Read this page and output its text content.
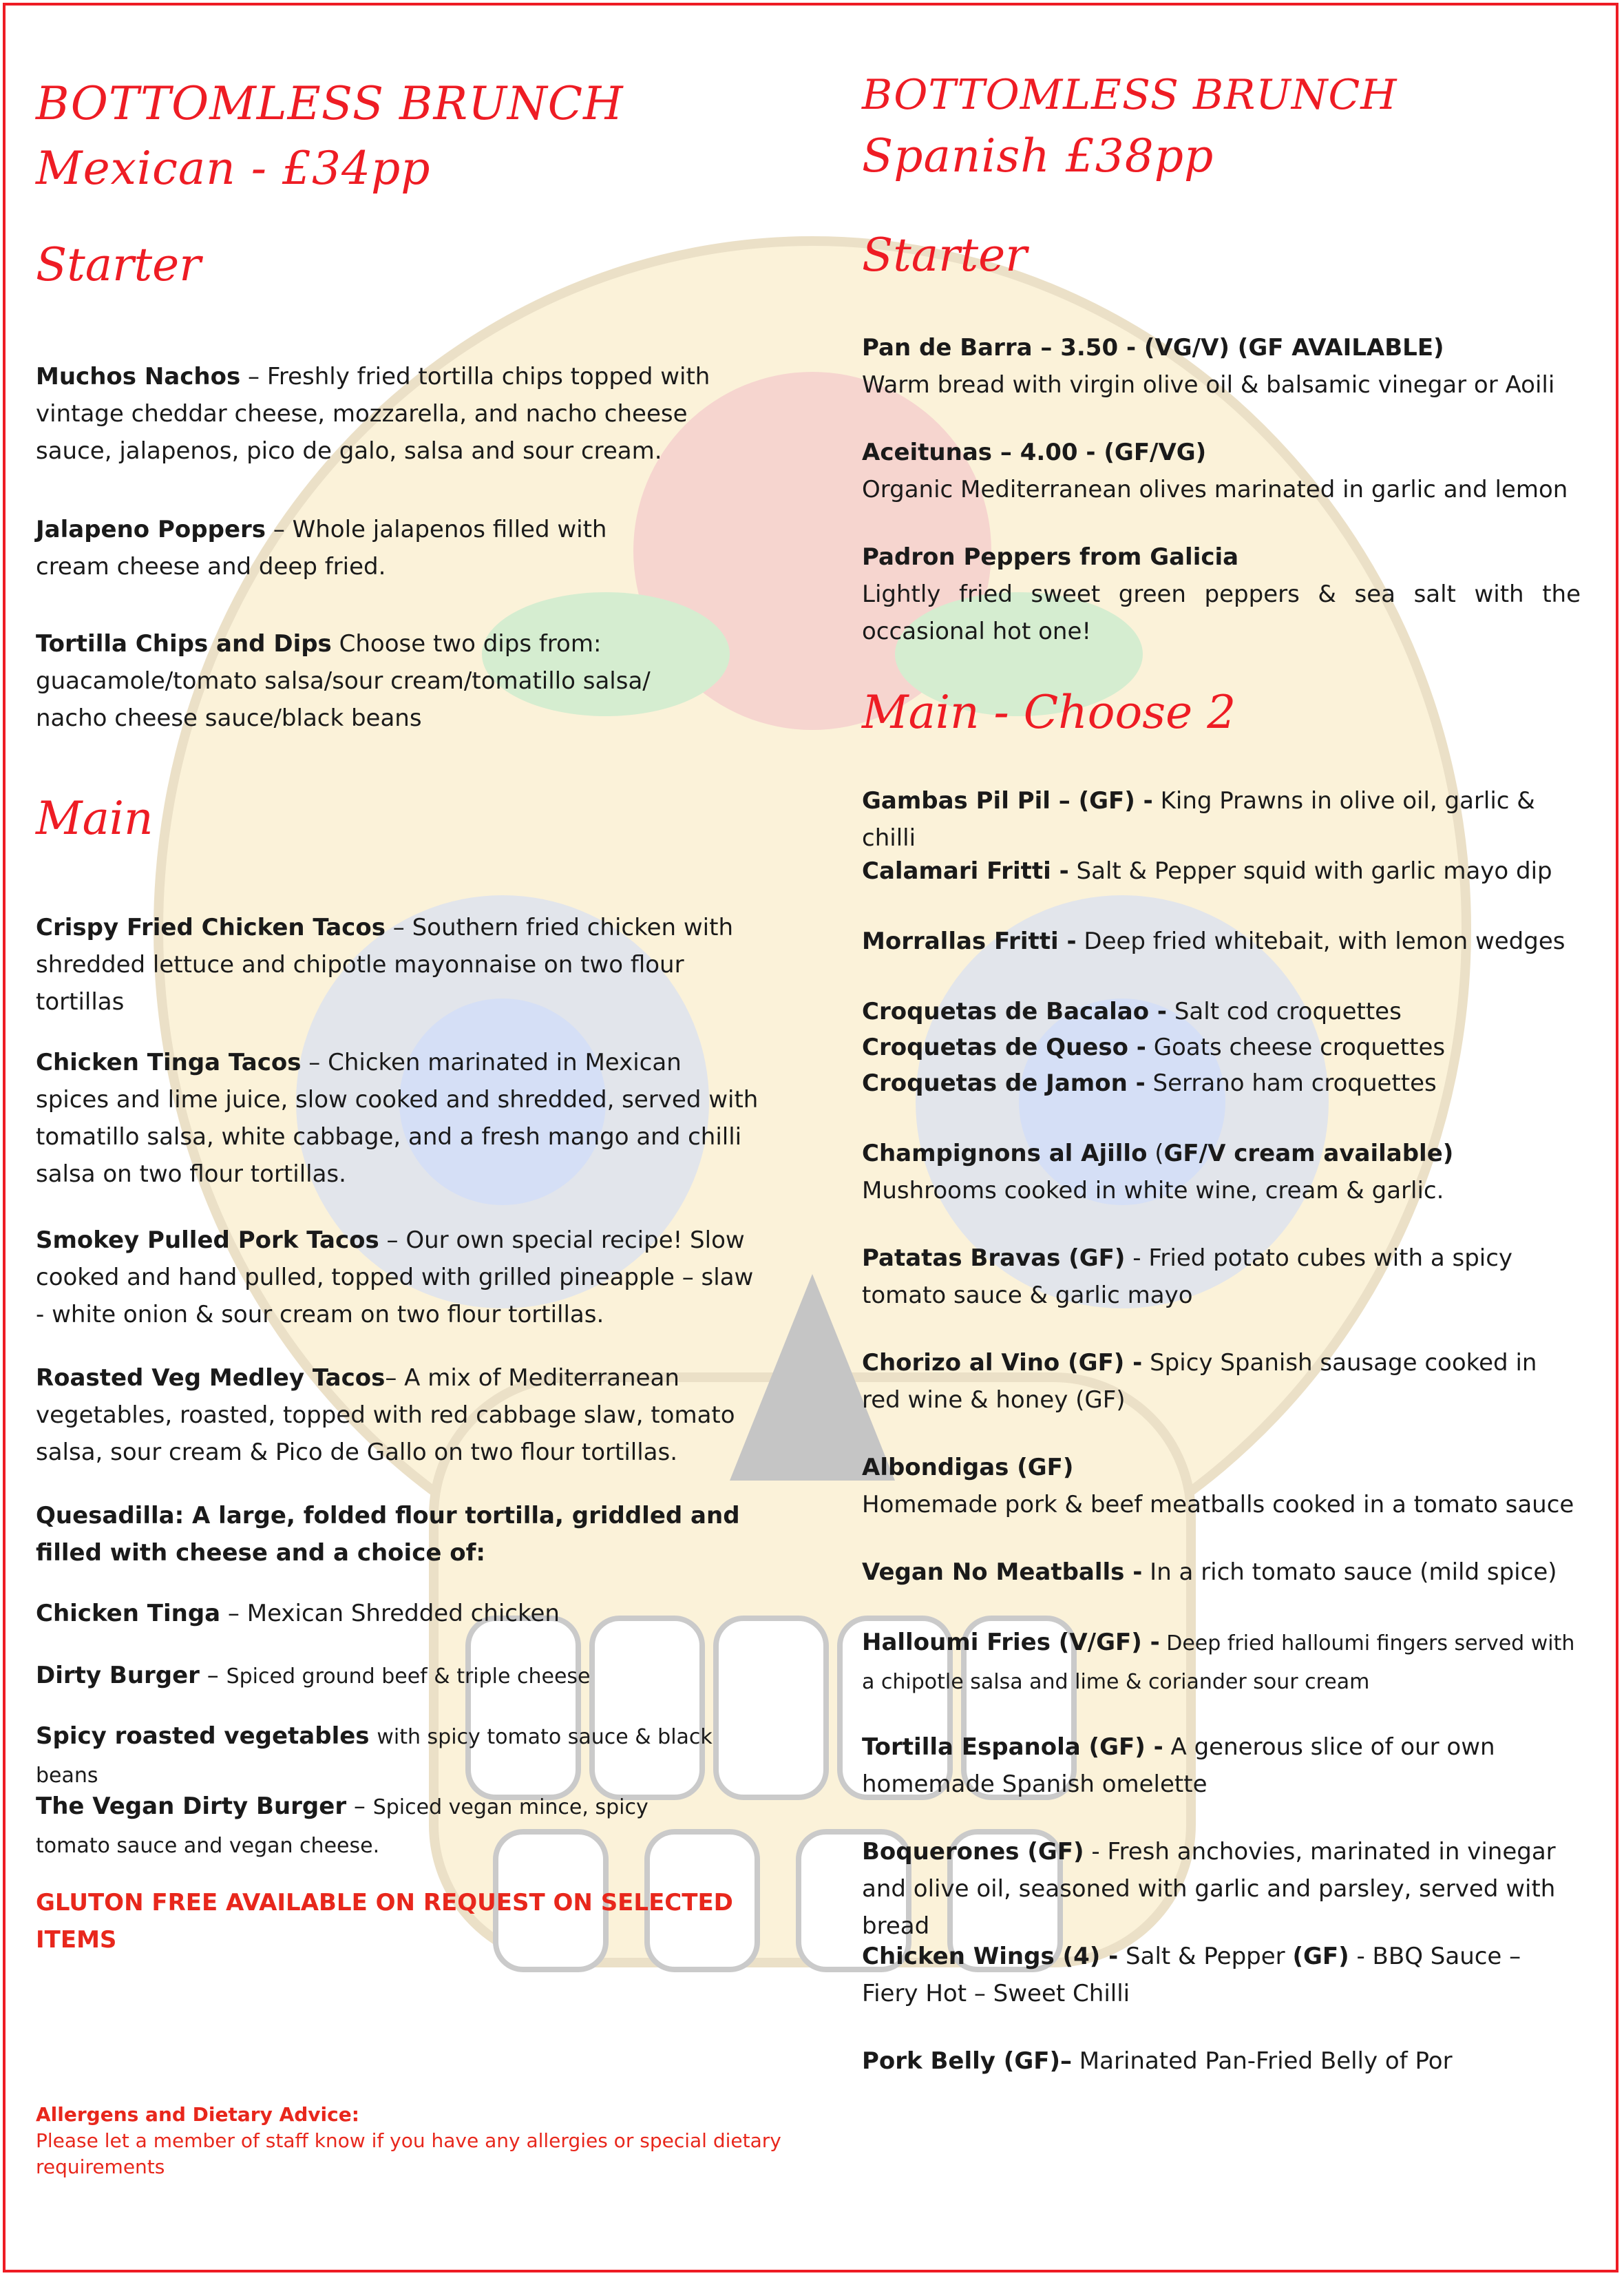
BOTTOMLESS BRUNCH

Mexican - £34pp

Starter

Muchos Nachos – Freshly fried tortilla chips topped with vintage cheddar cheese, mozzarella, and nacho cheese sauce, jalapenos, pico de galo, salsa and sour cream.
Jalapeno Poppers – Whole jalapenos filled with cream cheese and deep fried.
Tortilla Chips and Dips Choose two dips from: guacamole/tomato salsa/sour cream/tomatillo salsa/ nacho cheese sauce/black beans

Main

Crispy Fried Chicken Tacos – Southern fried chicken with shredded lettuce and chipotle mayonnaise on two flour tortillas
Chicken Tinga Tacos – Chicken marinated in Mexican spices and lime juice, slow cooked and shredded, served with tomatillo salsa, white cabbage, and a fresh mango and chilli salsa on two flour tortillas.
Smokey Pulled Pork Tacos – Our own special recipe! Slow cooked and hand pulled, topped with grilled pineapple – slaw - white onion & sour cream on two flour tortillas.
Roasted Veg Medley Tacos– A mix of Mediterranean vegetables, roasted, topped with red cabbage slaw, tomato salsa, sour cream & Pico de Gallo on two flour tortillas.
Quesadilla: A large, folded flour tortilla, griddled and filled with cheese and a choice of:
Chicken Tinga – Mexican Shredded chicken
Dirty Burger – Spiced ground beef & triple cheese
Spicy roasted vegetables with spicy tomato sauce & black beans
The Vegan Dirty Burger – Spiced vegan mince, spicy tomato sauce and vegan cheese.
GLUTON FREE AVAILABLE ON REQUEST ON SELECTED ITEMS
Allergens and Dietary Advice:
Please let a member of staff know if you have any allergies or special dietary requirements

BOTTOMLESS BRUNCH

Spanish £38pp

Starter

Pan de Barra – 3.50 - (VG/V) (GF AVAILABLE)
Warm bread with virgin olive oil & balsamic vinegar or Aoili
Aceitunas – 4.00 - (GF/VG)
Organic Mediterranean olives marinated in garlic and lemon
Padron Peppers from Galicia
Lightly fried sweet green peppers & sea salt with the occasional hot one!

Main - Choose 2

Gambas Pil Pil – (GF) - King Prawns in olive oil, garlic & chilli
Calamari Fritti - Salt & Pepper squid with garlic mayo dip
Morrallas Fritti - Deep fried whitebait, with lemon wedges
Croquetas de Bacalao - Salt cod croquettes
Croquetas de Queso - Goats cheese croquettes
Croquetas de Jamon - Serrano ham croquettes
Champignons al Ajillo (GF/V cream available)
Mushrooms cooked in white wine, cream & garlic.
Patatas Bravas (GF) - Fried potato cubes with a spicy tomato sauce & garlic mayo
Chorizo al Vino (GF) - Spicy Spanish sausage cooked in red wine & honey (GF)
Albondigas (GF)
Homemade pork & beef meatballs cooked in a tomato sauce
Vegan No Meatballs - In a rich tomato sauce (mild spice)
Halloumi Fries (V/GF) - Deep fried halloumi fingers served with a chipotle salsa and lime & coriander sour cream
Tortilla Espanola (GF) - A generous slice of our own homemade Spanish omelette
Boquerones (GF) - Fresh anchovies, marinated in vinegar and olive oil, seasoned with garlic and parsley, served with bread
Chicken Wings (4) - Salt & Pepper (GF) - BBQ Sauce – Fiery Hot – Sweet Chilli
Pork Belly (GF)– Marinated Pan-Fried Belly of Por
